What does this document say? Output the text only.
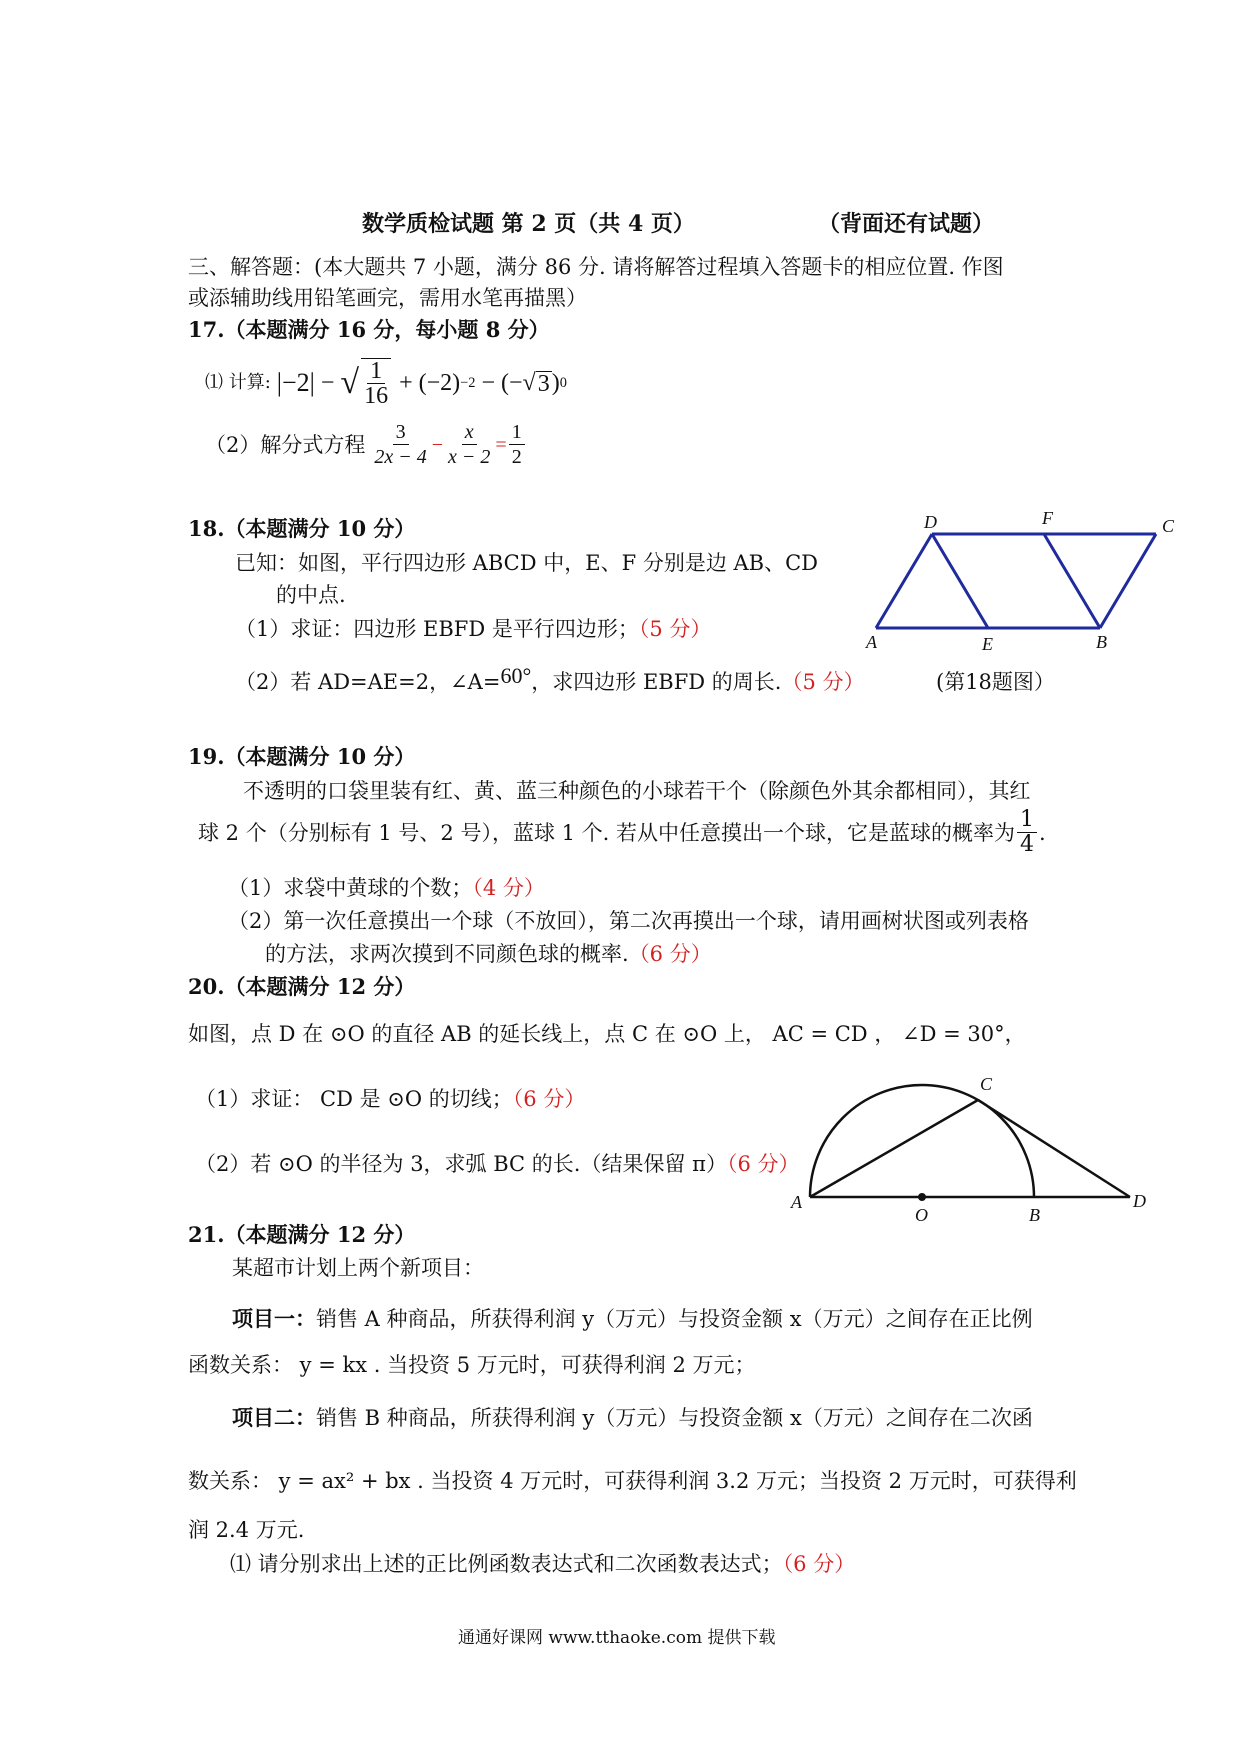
数学质检试题 第 2 页（共 4 页）	（背面还有试题）
三、解答题：(本大题共 7 小题，满分 86 分. 请将解答过程填入答题卡的相应位置. 作图
或添辅助线用铅笔画完，需用水笔再描黑）
17.（本题满分 16 分，每小题 8 分）
⑴ 计算: |−2| − √ $\frac{1}{16} + (-2) -2$ − (−√ 3 ) 0
（2）解分式方程 $\frac{3}{2x - 4} - \frac{x}{x - 2} = \frac{1}{2}$
18.（本题满分 10 分）
已知：如图，平行四边形 ABCD 中，E、F 分别是边 AB、CD
的中点.
（1）求证：四边形 EBFD 是平行四边形；（5 分）
（2）若 AD=AE=2，∠A=60°，求四边形 EBFD 的周长.（5 分）
D	F	C
A	E	B
(第18题图）
19.（本题满分 10 分）
不透明的口袋里装有红、黄、蓝三种颜色的小球若干个（除颜色外其余都相同），其红
球 2 个（分别标有 1 号、2 号），蓝球 1 个. 若从中任意摸出一个球，它是蓝球的概率为 $\frac{1}{4}$ .
（1）求袋中黄球的个数；（4 分）
（2）第一次任意摸出一个球（不放回），第二次再摸出一个球，请用画树状图或列表格
的方法，求两次摸到不同颜色球的概率.（6 分）
20.（本题满分 12 分）
如图，点 D 在 ⊙O 的直径 AB 的延长线上，点 C 在 ⊙O 上， AC = CD ， ∠D = 30°，
（1）求证： CD 是 ⊙O 的切线；（6 分）
（2）若 ⊙O 的半径为 3，求弧 BC 的长.（结果保留 π）（6 分）
A
O	B
C
D
21.（本题满分 12 分）
某超市计划上两个新项目：
项目一：销售 A 种商品，所获得利润 y（万元）与投资金额 x（万元）之间存在正比例
函数关系： y = kx . 当投资 5 万元时，可获得利润 2 万元；
项目二：销售 B 种商品，所获得利润 y（万元）与投资金额 x（万元）之间存在二次函
数关系： y = ax² + bx . 当投资 4 万元时，可获得利润 3.2 万元；当投资 2 万元时，可获得利
润 2.4 万元.
⑴ 请分别求出上述的正比例函数表达式和二次函数表达式；（6 分）
通通好课网 www.tthaoke.com 提供下载
